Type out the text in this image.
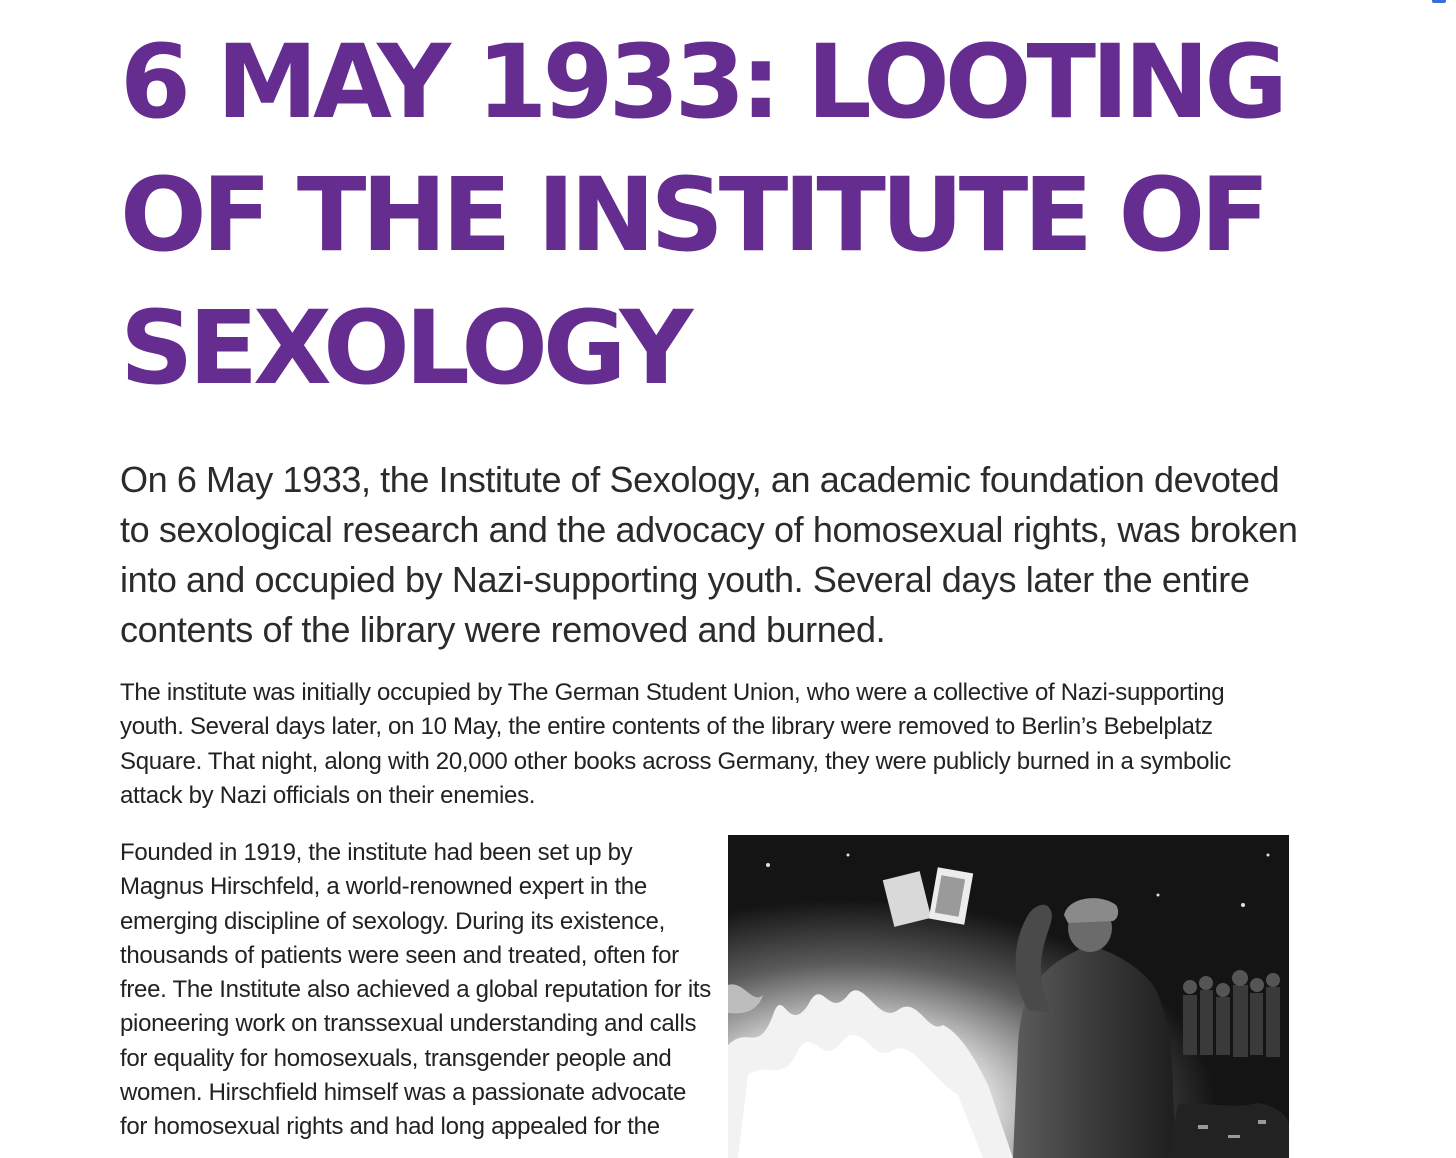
6 MAY 1933: LOOTING OF THE INSTITUTE OF SEXOLOGY

On 6 May 1933, the Institute of Sexology, an academic foundation devoted to sexological research and the advocacy of homosexual rights, was broken into and occupied by Nazi-supporting youth. Several days later the entire contents of the library were removed and burned.

The institute was initially occupied by The German Student Union, who were a collective of Nazi-supporting youth. Several days later, on 10 May, the entire contents of the library were removed to Berlin’s Bebelplatz Square. That night, along with 20,000 other books across Germany, they were publicly burned in a symbolic attack by Nazi officials on their enemies.

Founded in 1919, the institute had been set up by Magnus Hirschfeld, a world-renowned expert in the emerging discipline of sexology. During its existence, thousands of patients were seen and treated, often for free. The Institute also achieved a global reputation for its pioneering work on transsexual understanding and calls for equality for homosexuals, transgender people and women. Hirschfield himself was a passionate advocate for homosexual rights and had long appealed for the
